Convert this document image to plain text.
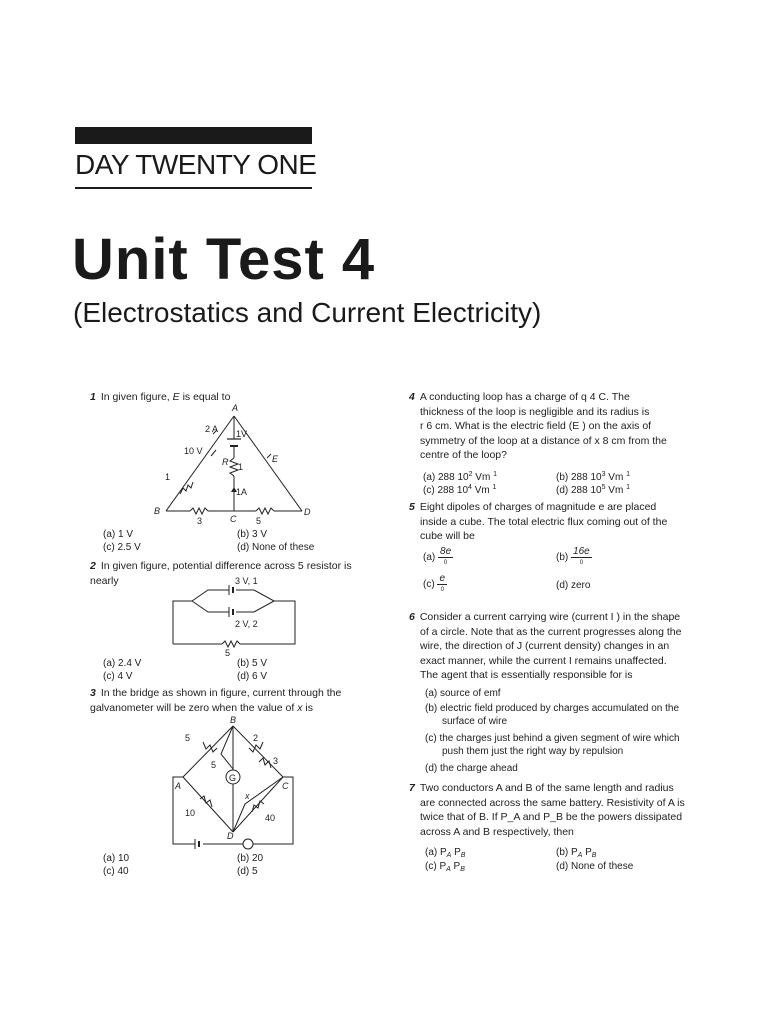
DAY TWENTY ONE
Unit Test 4
(Electrostatics and Current Electricity)
1 In given figure, E is equal to
A
B
C
D
E
R
2 A 1V
10 V
1
1
1A
3	5
(a) 1 V	(b) 3 V
(c) 2.5 V	(d) None of these
2 In given figure, potential difference across 5 resistor is nearly	3 V, 1
2 V, 2
5
(a) 2.4 V	(b) 5 V
(c) 4 V	(d) 6 V
3 In the bridge as shown in figure, current through the galvanometer will be zero when the value of x is
G
B
A	C
D
x
5
5
2
3
10	40
(a) 10	(b) 20
(c) 40	(d) 5
4 A conducting loop has a charge of q 4 C. The
thickness of the loop is negligible and its radius is
r 6 cm. What is the electric field (E ) on the axis of
symmetry of the loop at a distance of x 8 cm from the
centre of the loop?
(a) 288 $10^2$ Vm $^1$	(b) 288 $10^3$ Vm $^1$
(c) 288 $10^4$ Vm $^1$	(d) 288 $10^5$ Vm $^1$
5 Eight dipoles of charges of magnitude e are placed
inside a cube. The total electric flux coming out of the
cube will be
$(a) \frac{8e}{0}$	$(b) \frac{16e}{0}$
$(c) \frac{e}{0}$	(d) zero
6 Consider a current carrying wire (current I ) in the shape
of a circle. Note that as the current progresses along the
wire, the direction of J (current density) changes in an
exact manner, while the current I remains unaffected.
The agent that is essentially responsible for is
(a) source of emf
(b) electric field produced by charges accumulated on the
surface of wire
(c) the charges just behind a given segment of wire which
push them just the right way by repulsion
(d) the charge ahead
7 Two conductors A and B of the same length and radius
are connected across the same battery. Resistivity of A is
twice that of B. If P_A and P_B be the powers dissipated
across A and B respectively, then
(a) $P_A$ $P_B$	(b) $P_A$ $P_B$
(c) $P_A$ $P_B$	(d) None of these
